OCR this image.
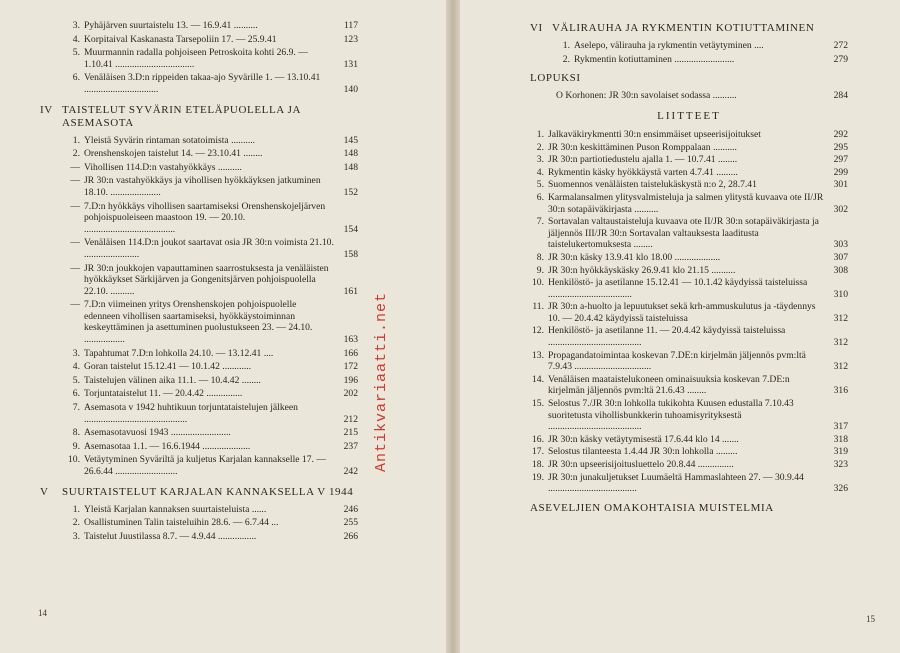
3. Pyhäjärven suurtaistelu 13. — 16.9.41 ..........	117
4. Korpitaival Kaskanasta Tarsepoliin 17. — 25.9.41	123
5. Muurmannin radalla pohjoiseen Petroskoita kohti 26.9. — 1.10.41 .................................	131
6. Venäläisen 3.D:n rippeiden takaa-ajo Syvärille 1. — 13.10.41 ...............................	140
IV TAISTELUT SYVÄRIN ETELÄPUOLELLA JA ASEMASOTA
1. Yleistä Syvärin rintaman sotatoimista ..........	145
2. Orenshenskojen taistelut 14. — 23.10.41 ........	148
— Vihollisen 114.D:n vastahyökkäys ..........	148
— JR 30:n vastahyökkäys ja vihollisen hyökkäyksen jatkuminen 18.10. .....................	152
— 7.D:n hyökkäys vihollisen saartamiseksi Orenshenskojeljärven pohjoispuoleiseen maastoon 19. — 20.10. ......................................	154
— Venäläisen 114.D:n joukot saartavat osia JR 30:n voimista 21.10. .......................	158
— JR 30:n joukkojen vapauttaminen saarrostuksesta ja venäläisten hyökkäykset Särkijärven ja Gongenitsjärven pohjoispuolella 22.10. ..........	161
— 7.D:n viimeinen yritys Orenshenskojen pohjoispuolelle edenneen vihollisen saartamiseksi, hyökkäystoiminnan keskeyttäminen ja asettuminen puolustukseen 23. — 24.10. .................	163
3. Tapahtumat 7.D:n lohkolla 24.10. — 13.12.41 ....	166
4. Goran taistelut 15.12.41 — 10.1.42 ............	172
5. Taistelujen välinen aika 11.1. — 10.4.42 ........	196
6. Torjuntataistelut 11. — 20.4.42 ...............	202
7. Asemasota v 1942 huhtikuun torjuntataistelujen jälkeen ...........................................	212
8. Asemasotavuosi 1943 .........................	215
9. Asemasotaa 1.1. — 16.6.1944 ....................	237
10. Vetäytyminen Syväriltä ja kuljetus Karjalan kannakselle 17. — 26.6.44 ..........................	242
V SUURTAISTELUT KARJALAN KANNAKSELLA V 1944
1. Yleistä Karjalan kannaksen suurtaisteluista ......	246
2. Osallistuminen Talin taisteluihin 28.6. — 6.7.44 ...	255
3. Taistelut Juustilassa 8.7. — 4.9.44 ................	266
VI VÄLIRAUHA JA RYKMENTIN KOTIUTTAMINEN
1. Aselepo, välirauha ja rykmentin vetäytyminen ....	272
2. Rykmentin kotiuttaminen .........................	279
LOPUKSI
O Korhonen: JR 30:n savolaiset sodassa ..........	284
LIITTEET
1. Jalkaväkirykmentti 30:n ensimmäiset upseerisijoitukset	292
2. JR 30:n keskittäminen Puson Romppalaan ..........	295
3. JR 30:n partiotiedustelu ajalla 1. — 10.7.41 ........	297
4. Rykmentin käsky hyökkäystä varten 4.7.41 .........	299
5. Suomennos venäläisten taistelukäskystä n:o 2, 28.7.41	301
6. Karmalansalmen ylitysvalmisteluja ja salmen ylitystä kuvaava ote II/JR 30:n sotapäiväkirjasta ..........	302
7. Sortavalan valtaustaisteluja kuvaava ote II/JR 30:n sotapäiväkirjasta ja jäljennös III/JR 30:n Sortavalan valtauksesta laaditusta taistelukertomuksesta ........	303
8. JR 30:n käsky 13.9.41 klo 18.00 ...................	307
9. JR 30:n hyökkäyskäsky 26.9.41 klo 21.15 ..........	308
10. Henkilöstö- ja asetilanne 15.12.41 — 10.1.42 käydyissä taisteluissa ...................................	310
11. JR 30:n a-huolto ja lepuutukset sekä krh-ammuskulutus ja -täydennys 10. — 20.4.42 käydyissä taisteluissa	312
12. Henkilöstö- ja asetilanne 11. — 20.4.42 käydyissä taisteluissa .......................................	312
13. Propagandatoimintaa koskevan 7.DE:n kirjelmän jäljennös pvm:ltä 7.9.43 ................................	312
14. Venäläisen maataistelukoneen ominaisuuksia koskevan 7.DE:n kirjelmän jäljennös pvm:ltä 21.6.43 ........	316
15. Selostus 7./JR 30:n lohkolla tukikohta Kuusen edustalla 7.10.43 suoritetusta vihollisbunkkerin tuhoamisyrityksestä .......................................	317
16. JR 30:n käsky vetäytymisestä 17.6.44 klo 14 .......	318
17. Selostus tilanteesta 1.4.44 JR 30:n lohkolla .........	319
18. JR 30:n upseerisijoitusluettelo 20.8.44 ...............	323
19. JR 30:n junakuljetukset Luumäeltä Hammaslahteen 27. — 30.9.44 .....................................	326
ASEVELJIEN OMAKOHTAISIA MUISTELMIA
14
15
Antikvariaatti.net
